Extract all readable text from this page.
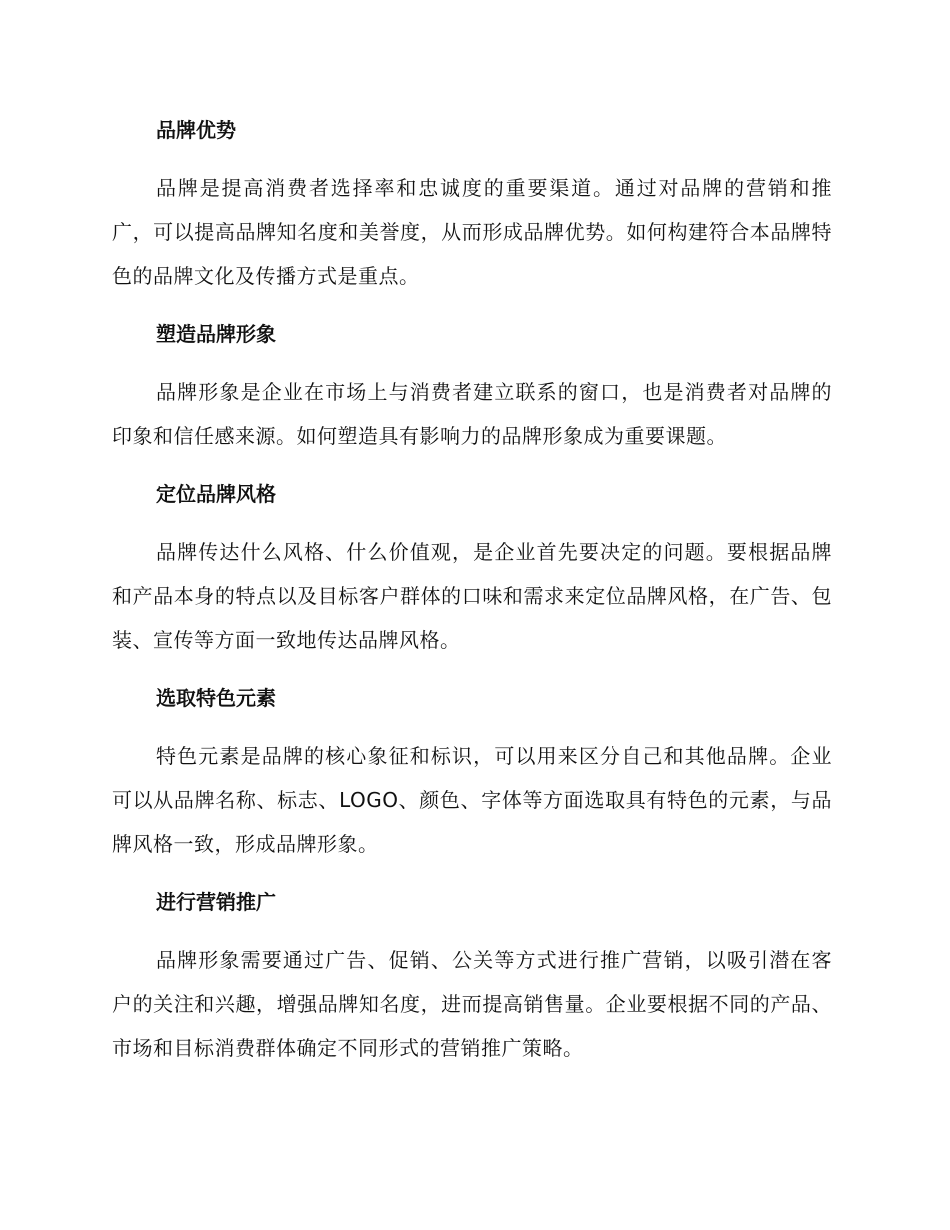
品牌优势

品牌是提高消费者选择率和忠诚度的重要渠道。通过对品牌的营销和推广，可以提高品牌知名度和美誉度，从而形成品牌优势。如何构建符合本品牌特色的品牌文化及传播方式是重点。

塑造品牌形象

品牌形象是企业在市场上与消费者建立联系的窗口，也是消费者对品牌的印象和信任感来源。如何塑造具有影响力的品牌形象成为重要课题。

定位品牌风格

品牌传达什么风格、什么价值观，是企业首先要决定的问题。要根据品牌和产品本身的特点以及目标客户群体的口味和需求来定位品牌风格，在广告、包装、宣传等方面一致地传达品牌风格。

选取特色元素

特色元素是品牌的核心象征和标识，可以用来区分自己和其他品牌。企业可以从品牌名称、标志、LOGO、颜色、字体等方面选取具有特色的元素，与品牌风格一致，形成品牌形象。

进行营销推广

品牌形象需要通过广告、促销、公关等方式进行推广营销，以吸引潜在客户的关注和兴趣，增强品牌知名度，进而提高销售量。企业要根据不同的产品、市场和目标消费群体确定不同形式的营销推广策略。
